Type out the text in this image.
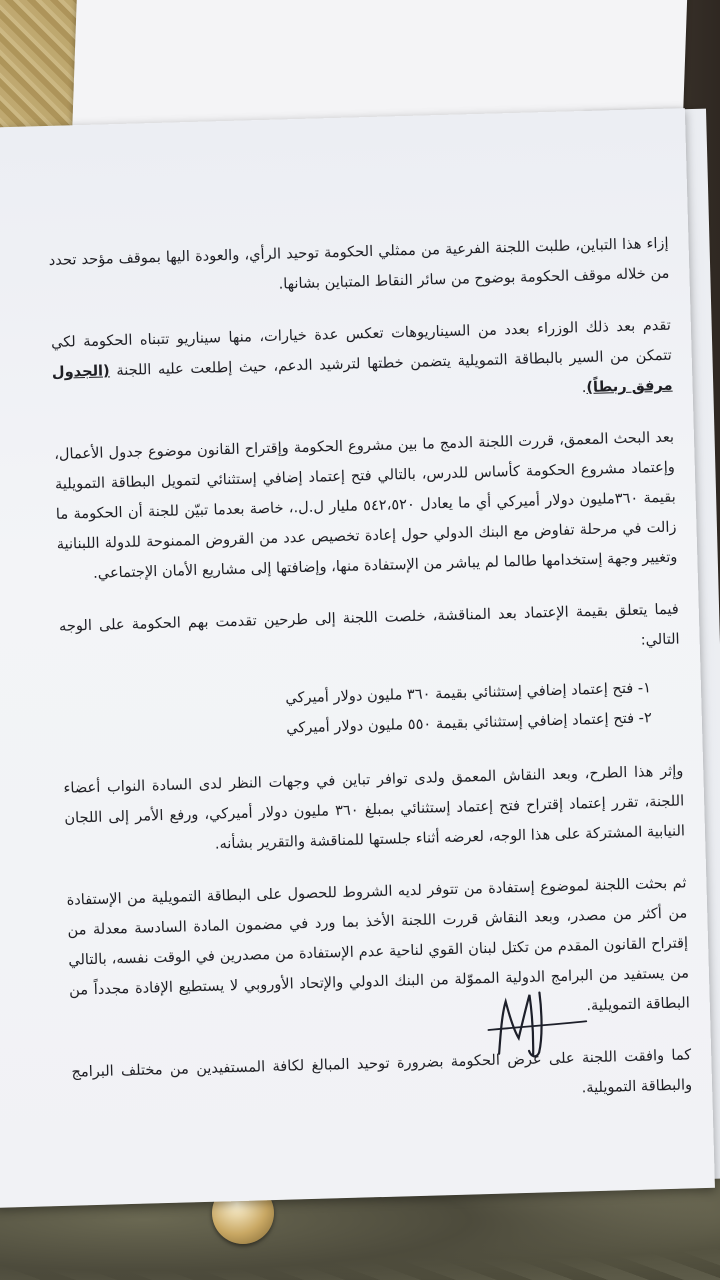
إزاء هذا التباين، طلبت اللجنة الفرعية من ممثلي الحكومة توحيد الرأي، والعودة اليها بموقف مؤحد تحدد من خلاله موقف الحكومة بوضوح من سائر النقاط المتباين بشانها.

تقدم بعد ذلك الوزراء بعدد من السيناريوهات تعكس عدة خيارات، منها سيناريو تتبناه الحكومة لكي تتمكن من السير بالبطاقة التمويلية يتضمن خطتها لترشيد الدعم، حيث إطلعت عليه اللجنة (الجدول مرفق ربطاً).

بعد البحث المعمق، قررت اللجنة الدمج ما بين مشروع الحكومة وإقتراح القانون موضوع جدول الأعمال، وإعتماد مشروع الحكومة كأساس للدرس، بالتالي فتح إعتماد إضافي إستثنائي لتمويل البطاقة التمويلية بقيمة ٣٦٠مليون دولار أميركي أي ما يعادل ٥٤٢،٥٢٠ مليار ل.ل.، خاصة بعدما تبيّن للجنة أن الحكومة ما زالت في مرحلة تفاوض مع البنك الدولي حول إعادة تخصيص عدد من القروض الممنوحة للدولة اللبنانية وتغيير وجهة إستخدامها طالما لم يباشر من الإستفادة منها، وإضافتها إلى مشاريع الأمان الإجتماعي.

فيما يتعلق بقيمة الإعتماد بعد المناقشة، خلصت اللجنة إلى طرحين تقدمت بهم الحكومة على الوجه التالي:

١- فتح إعتماد إضافي إستثنائي بقيمة ٣٦٠ مليون دولار أميركي
٢- فتح إعتماد إضافي إستثنائي بقيمة ٥٥٠ مليون دولار أميركي

وإثر هذا الطرح، وبعد النقاش المعمق ولدى توافر تباين في وجهات النظر لدى السادة النواب أعضاء اللجنة، تقرر إعتماد إقتراح فتح إعتماد إستثنائي بمبلغ ٣٦٠ مليون دولار أميركي، ورفع الأمر إلى اللجان النيابية المشتركة على هذا الوجه، لعرضه أثناء جلستها للمناقشة والتقرير بشأنه.

ثم بحثت اللجنة لموضوع إستفادة من تتوفر لديه الشروط للحصول على البطاقة التمويلية من الإستفادة من أكثر من مصدر، وبعد النقاش قررت اللجنة الأخذ بما ورد في مضمون المادة السادسة معدلة من إقتراح القانون المقدم من تكتل لبنان القوي لناحية عدم الإستفادة من مصدرين في الوقت نفسه، بالتالي من يستفيد من البرامج الدولية المموّلة من البنك الدولي والإتحاد الأوروبي لا يستطيع الإفادة مجدداً من البطاقة التمويلية.

كما وافقت اللجنة على عرض الحكومة بضرورة توحيد المبالغ لكافة المستفيدين من مختلف البرامج والبطاقة التمويلية.
